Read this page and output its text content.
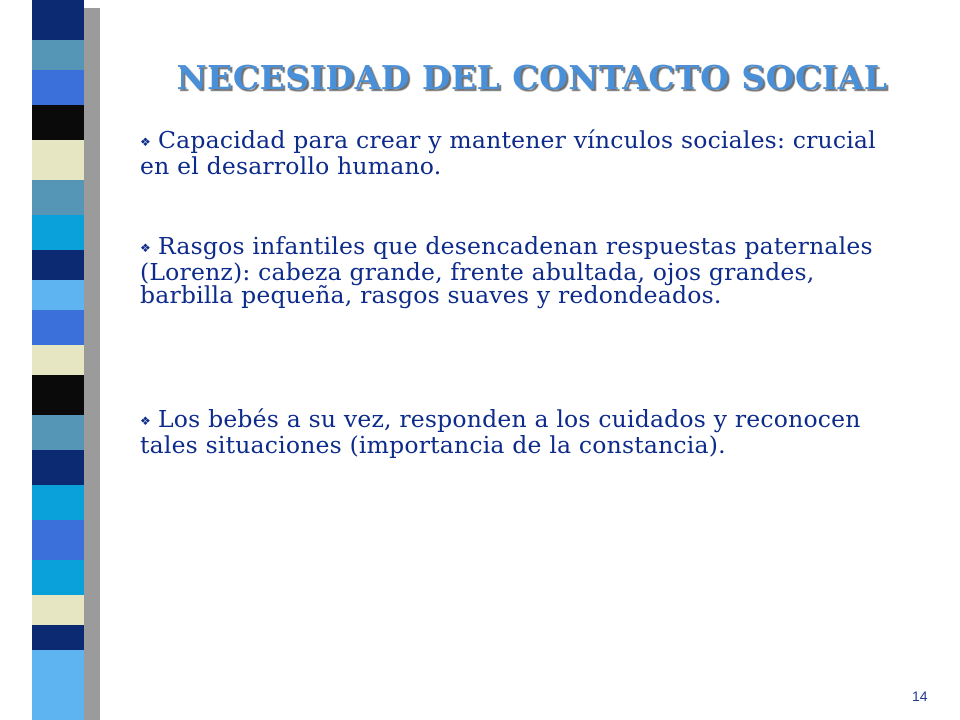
NECESIDAD DEL CONTACTO SOCIAL
❖ Capacidad para crear y mantener vínculos sociales: crucial en el desarrollo humano.
❖ Rasgos infantiles que desencadenan respuestas paternales (Lorenz): cabeza grande, frente abultada, ojos grandes, barbilla pequeña, rasgos suaves y redondeados.
❖ Los bebés a su vez, responden a los cuidados y reconocen tales situaciones (importancia de la constancia).
14
